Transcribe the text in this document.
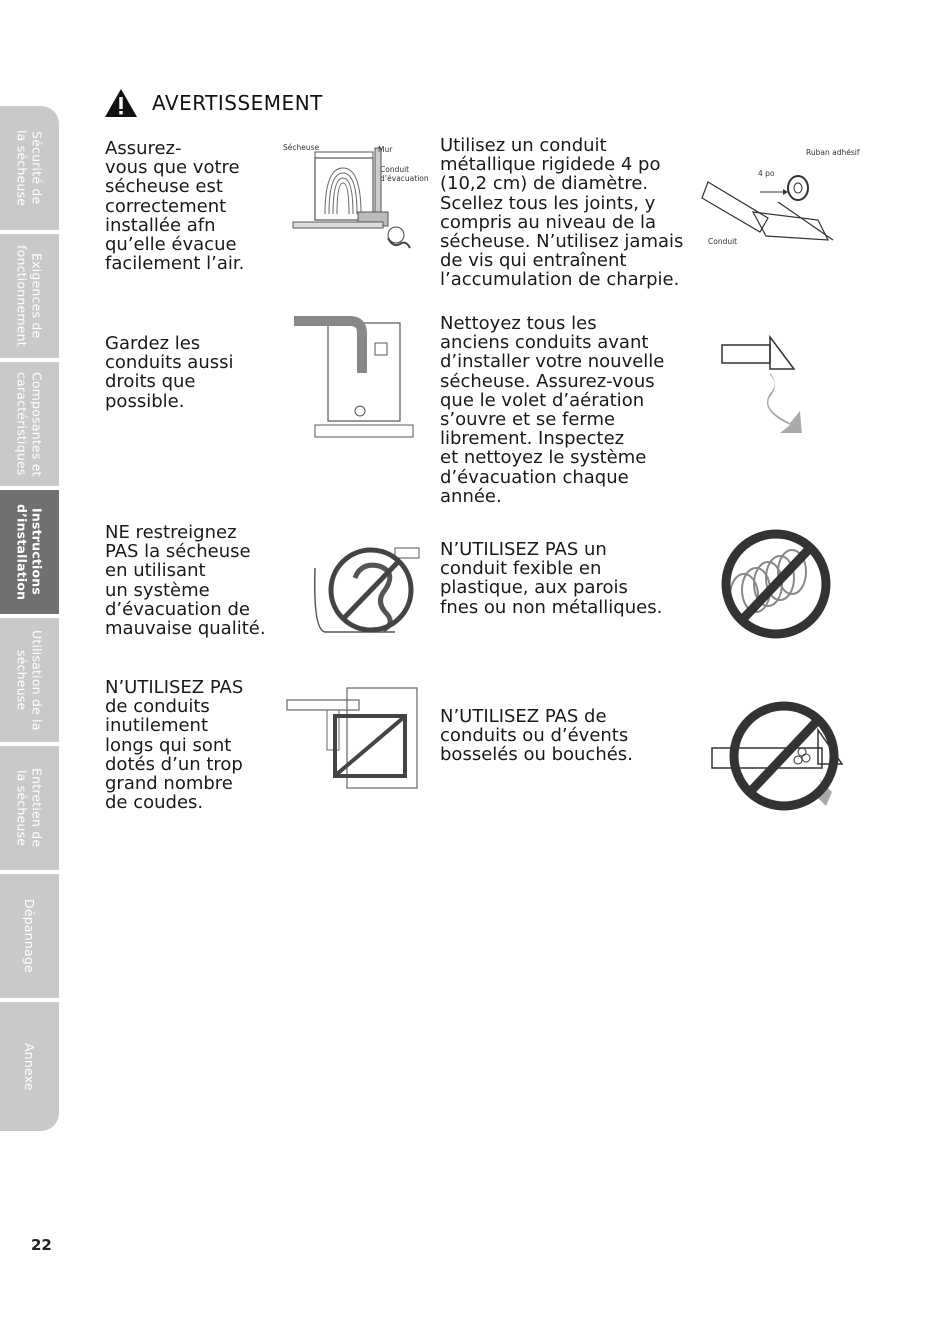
Sécurité de
la sécheuse
Exigences de
fonctionnement
Composantes et
caractéristiques
Instructions
d’installation
Utilisation de la
sécheuse
Entretien de
la sécheuse
Dépannage
Annexe
AVERTISSEMENT
Assurez-
vous que votre
sécheuse est
correctement
installée afn
qu’elle évacue
facilement l’air.
Gardez les
conduits aussi
droits que
possible.
NE restreignez
PAS la sécheuse
en utilisant
un système
d’évacuation de
mauvaise qualité.
N’UTILISEZ PAS
de conduits
inutilement
longs qui sont
dotés d’un trop
grand nombre
de coudes.
Utilisez un conduit
métallique rigidede 4 po
(10,2 cm) de diamètre.
Scellez tous les joints, y
compris au niveau de la
sécheuse. N’utilisez jamais
de vis qui entraînent
l’accumulation de charpie.
Nettoyez tous les
anciens conduits avant
d’installer votre nouvelle
sécheuse. Assurez-vous
que le volet d’aération
s’ouvre et se ferme
librement. Inspectez
et nettoyez le système
d’évacuation chaque
année.
N’UTILISEZ PAS un
conduit fexible en
plastique, aux parois
fnes ou non métalliques.
N’UTILISEZ PAS de
conduits ou d’évents
bosselés ou bouchés.
Sécheuse	Mur
Conduit
d’évacuation
Ruban adhésif
4 po
Conduit
22
